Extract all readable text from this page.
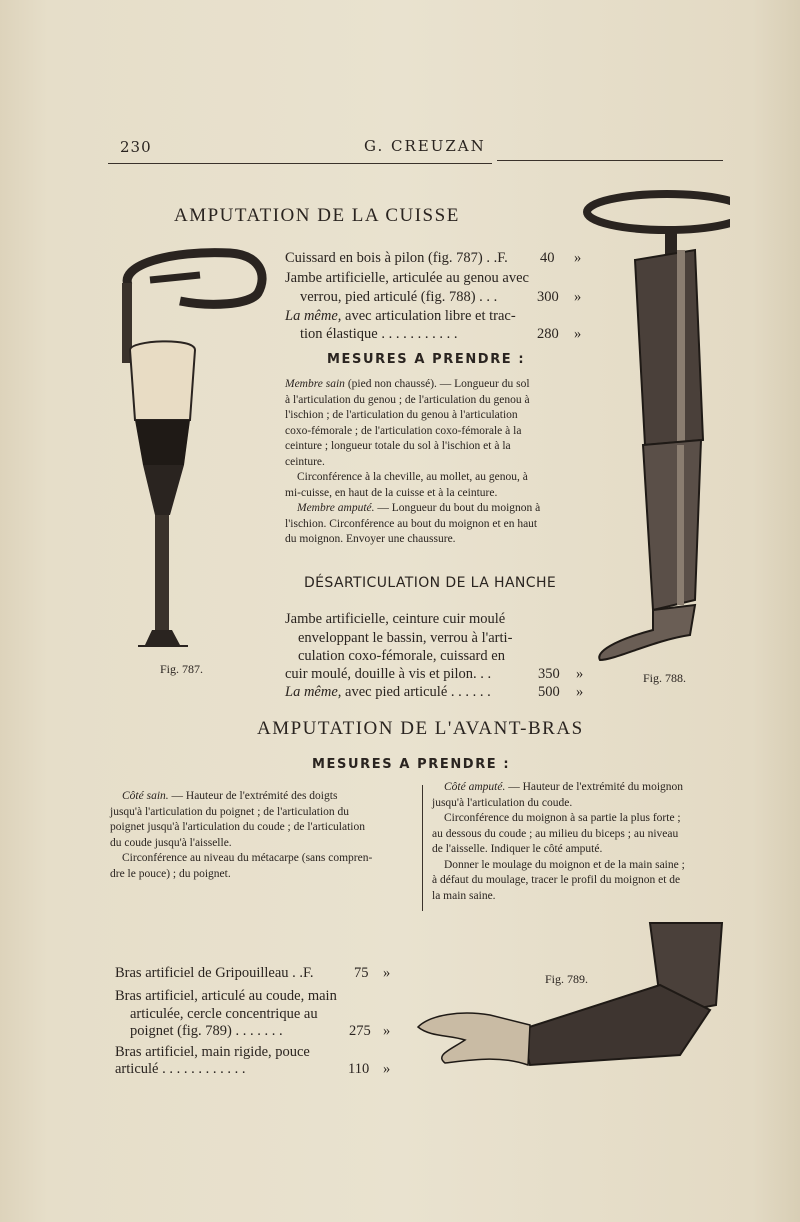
230	G. CREUZAN
AMPUTATION DE LA CUISSE
Cuissard en bois à pilon (fig. 787) . .F. 40 »
Jambe artificielle, articulée au genou avec
verrou, pied articulé (fig. 788) . . .	300 »
La même, avec articulation libre et trac-
tion élastique . . . . . . . . . . .	280 »
MESURES A PRENDRE :
Membre sain (pied non chaussé). — Longueur du sol
à l'articulation du genou ; de l'articulation du genou à
l'ischion ; de l'articulation du genou à l'articulation
coxo-fémorale ; de l'articulation coxo-fémorale à la
ceinture ; longueur totale du sol à l'ischion et à la
ceinture.
Circonférence à la cheville, au mollet, au genou, à
mi-cuisse, en haut de la cuisse et à la ceinture.
Membre amputé. — Longueur du bout du moignon à
l'ischion. Circonférence au bout du moignon et en haut
du moignon. Envoyer une chaussure.
DÉSARTICULATION DE LA HANCHE
Jambe artificielle, ceinture cuir moulé
enveloppant le bassin, verrou à l'arti-
culation coxo-fémorale, cuissard en
cuir moulé, douille à vis et pilon. . .	350 »
La même, avec pied articulé . . . . . .	500 »
Fig. 787.
Fig. 788.
AMPUTATION DE L'AVANT-BRAS
MESURES A PRENDRE :
Côté sain. — Hauteur de l'extrémité des doigts
jusqu'à l'articulation du poignet ; de l'articulation du
poignet jusqu'à l'articulation du coude ; de l'articulation
du coude jusqu'à l'aisselle.
Circonférence au niveau du métacarpe (sans compren-
dre le pouce) ; du poignet.
Côté amputé. — Hauteur de l'extrémité du moignon
jusqu'à l'articulation du coude.
Circonférence du moignon à sa partie la plus forte ;
au dessous du coude ; au milieu du biceps ; au niveau
de l'aisselle. Indiquer le côté amputé.
Donner le moulage du moignon et de la main saine ;
à défaut du moulage, tracer le profil du moignon et de
la main saine.
Bras artificiel de Gripouilleau . .F.	75 »
Bras artificiel, articulé au coude, main
articulée, cercle concentrique au
poignet (fig. 789) . . . . . . .	275 »
Bras artificiel, main rigide, pouce
articulé . . . . . . . . . . . .	110 »
Fig. 789.
